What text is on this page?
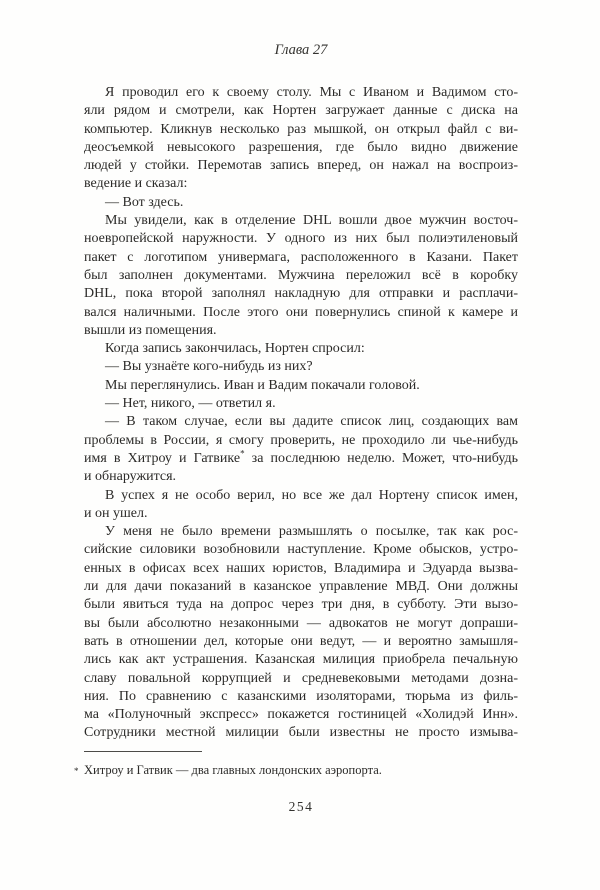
Глава 27
Я проводил его к своему столу. Мы с Иваном и Вадимом сто-
яли рядом и смотрели, как Нортен загружает данные с диска на
компьютер. Кликнув несколько раз мышкой, он открыл файл с ви-
деосъемкой невысокого разрешения, где было видно движение
людей у стойки. Перемотав запись вперед, он нажал на воспроиз-
ведение и сказал:
— Вот здесь.
Мы увидели, как в отделение DHL вошли двое мужчин восточ-
ноевропейской наружности. У одного из них был полиэтиленовый
пакет с логотипом универмага, расположенного в Казани. Пакет
был заполнен документами. Мужчина переложил всё в коробку
DHL, пока второй заполнял накладную для отправки и расплачи-
вался наличными. После этого они повернулись спиной к камере и
вышли из помещения.
Когда запись закончилась, Нортен спросил:
— Вы узнаёте кого-нибудь из них?
Мы переглянулись. Иван и Вадим покачали головой.
— Нет, никого, — ответил я.
— В таком случае, если вы дадите список лиц, создающих вам
проблемы в России, я смогу проверить, не проходило ли чье-нибудь
имя в Хитроу и Гатвике* за последнюю неделю. Может, что-нибудь
и обнаружится.
В успех я не особо верил, но все же дал Нортену список имен,
и он ушел.
У меня не было времени размышлять о посылке, так как рос-
сийские силовики возобновили наступление. Кроме обысков, устро-
енных в офисах всех наших юристов, Владимира и Эдуарда вызва-
ли для дачи показаний в казанское управление МВД. Они должны
были явиться туда на допрос через три дня, в субботу. Эти вызо-
вы были абсолютно незаконными — адвокатов не могут допраши-
вать в отношении дел, которые они ведут, — и вероятно замышля-
лись как акт устрашения. Казанская милиция приобрела печальную
славу повальной коррупцией и средневековыми методами дозна-
ния. По сравнению с казанскими изоляторами, тюрьма из филь-
ма «Полуночный экспресс» покажется гостиницей «Холидэй Инн».
Сотрудники местной милиции были известны не просто измыва-
* Хитроу и Гатвик — два главных лондонских аэропорта.
254
